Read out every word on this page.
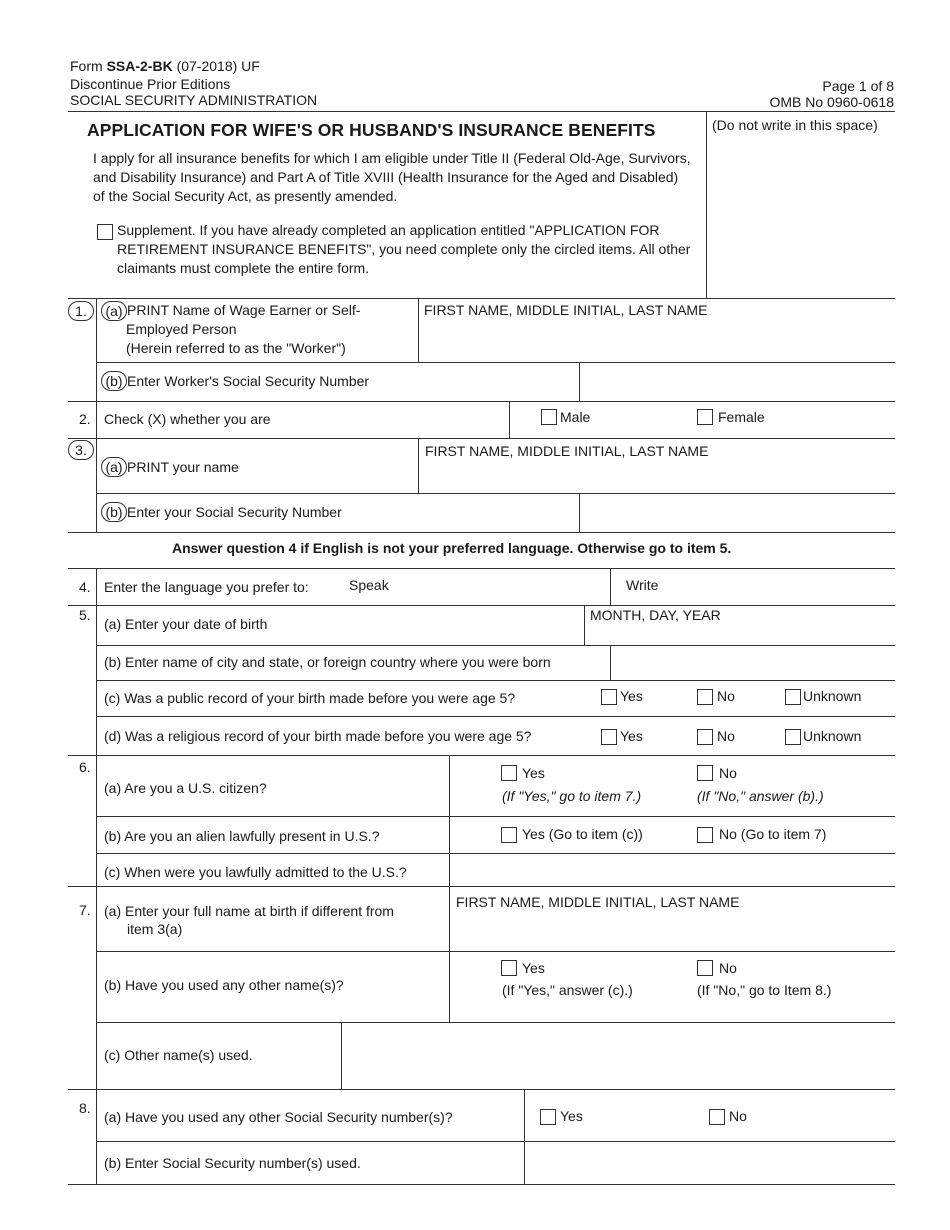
Form SSA-2-BK (07-2018) UF
Discontinue Prior Editions
SOCIAL SECURITY ADMINISTRATION
Page 1 of 8
OMB No 0960-0618
APPLICATION FOR WIFE'S OR HUSBAND'S INSURANCE BENEFITS	(Do not write in this space)
I apply for all insurance benefits for which I am eligible under Title II (Federal Old-Age, Survivors, and Disability Insurance) and Part A of Title XVIII (Health Insurance for the Aged and Disabled) of the Social Security Act, as presently amended.
Supplement. If you have already completed an application entitled "APPLICATION FOR RETIREMENT INSURANCE BENEFITS", you need complete only the circled items. All other claimants must complete the entire form.
1.	(a) PRINT Name of Wage Earner or Self-
Employed Person
(Herein referred to as the "Worker")
FIRST NAME, MIDDLE INITIAL, LAST NAME
(b) Enter Worker's Social Security Number
2. Check (X) whether you are	Male	Female
3.
(a) PRINT your name
FIRST NAME, MIDDLE INITIAL, LAST NAME
(b) Enter your Social Security Number
Answer question 4 if English is not your preferred language. Otherwise go to item 5.
4. Enter the language you prefer to:	Speak	Write
5.
(a) Enter your date of birth
MONTH, DAY, YEAR
(b) Enter name of city and state, or foreign country where you were born
(c) Was a public record of your birth made before you were age 5?	Yes	No	Unknown
(d) Was a religious record of your birth made before you were age 5?	Yes	No	Unknown
6.
(a) Are you a U.S. citizen?
Yes	No
(If "Yes," go to item 7.)	(If "No," answer (b).)
(b) Are you an alien lawfully present in U.S.?	Yes (Go to item (c))	No (Go to item 7)
(c) When were you lawfully admitted to the U.S.?
7. (a) Enter your full name at birth if different from
item 3(a)
FIRST NAME, MIDDLE INITIAL, LAST NAME
(b) Have you used any other name(s)?
Yes	No
(If "Yes," answer (c).)	(If "No," go to Item 8.)
(c) Other name(s) used.
8.
(a) Have you used any other Social Security number(s)?	Yes	No
(b) Enter Social Security number(s) used.
